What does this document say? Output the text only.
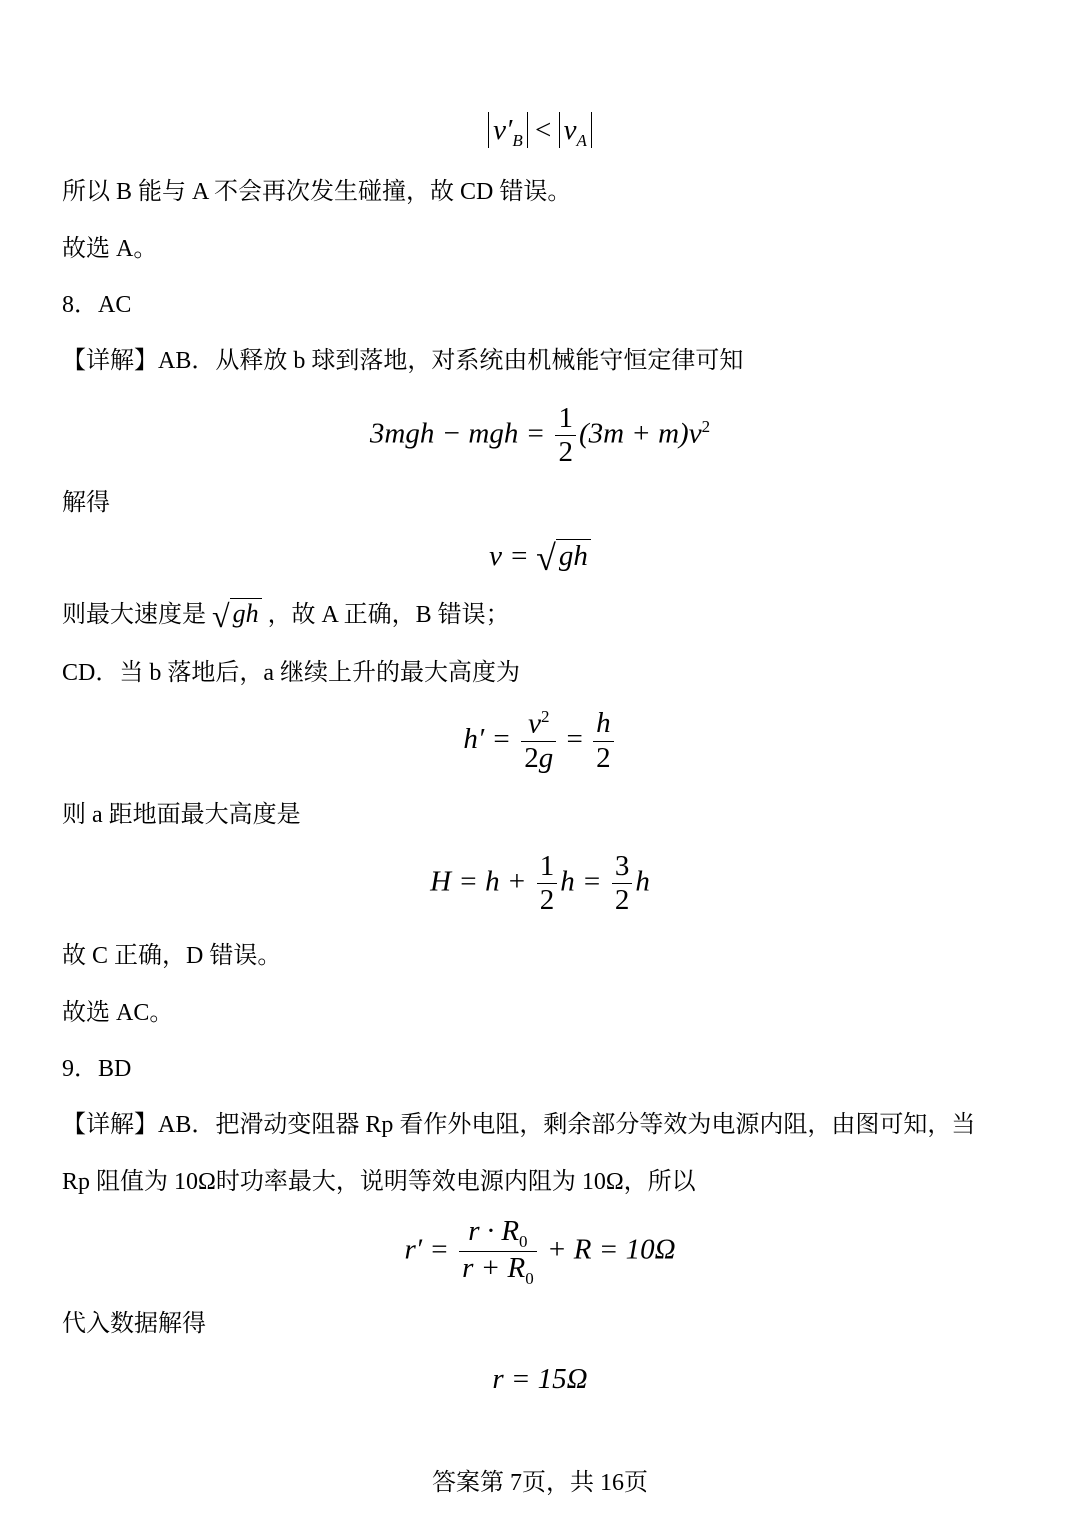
$v'_B < v_A$
所以 B 能与 A 不会再次发生碰撞，故 CD 错误。
故选 A。
8．AC
【详解】AB．从释放 b 球到落地，对系统由机械能守恒定律可知
3mgh − mgh = $\frac{1}{2} (3m + m)v^2$
解得
v = √ gh
则最大速度是 √ gh ，故 A 正确，B 错误；
CD．当 b 落地后，a 继续上升的最大高度为
$h' = \frac{v^2}{2g} = \frac{h}{2}$
则 a 距地面最大高度是
$H = h + \frac{1}{2}$ $h = \frac{3}{2}$ h
故 C 正确，D 错误。
故选 AC。
9．BD
【详解】AB．把滑动变阻器 Rp 看作外电阻，剩余部分等效为电源内阻，由图可知，当
Rp 阻值为 10Ω时功率最大，说明等效电源内阻为 10Ω，所以
$r' = \frac{r \cdot R_0}{r + R_0} + R = 10\Omega$
代入数据解得
r = 15Ω
答案第 7页，共 16页
